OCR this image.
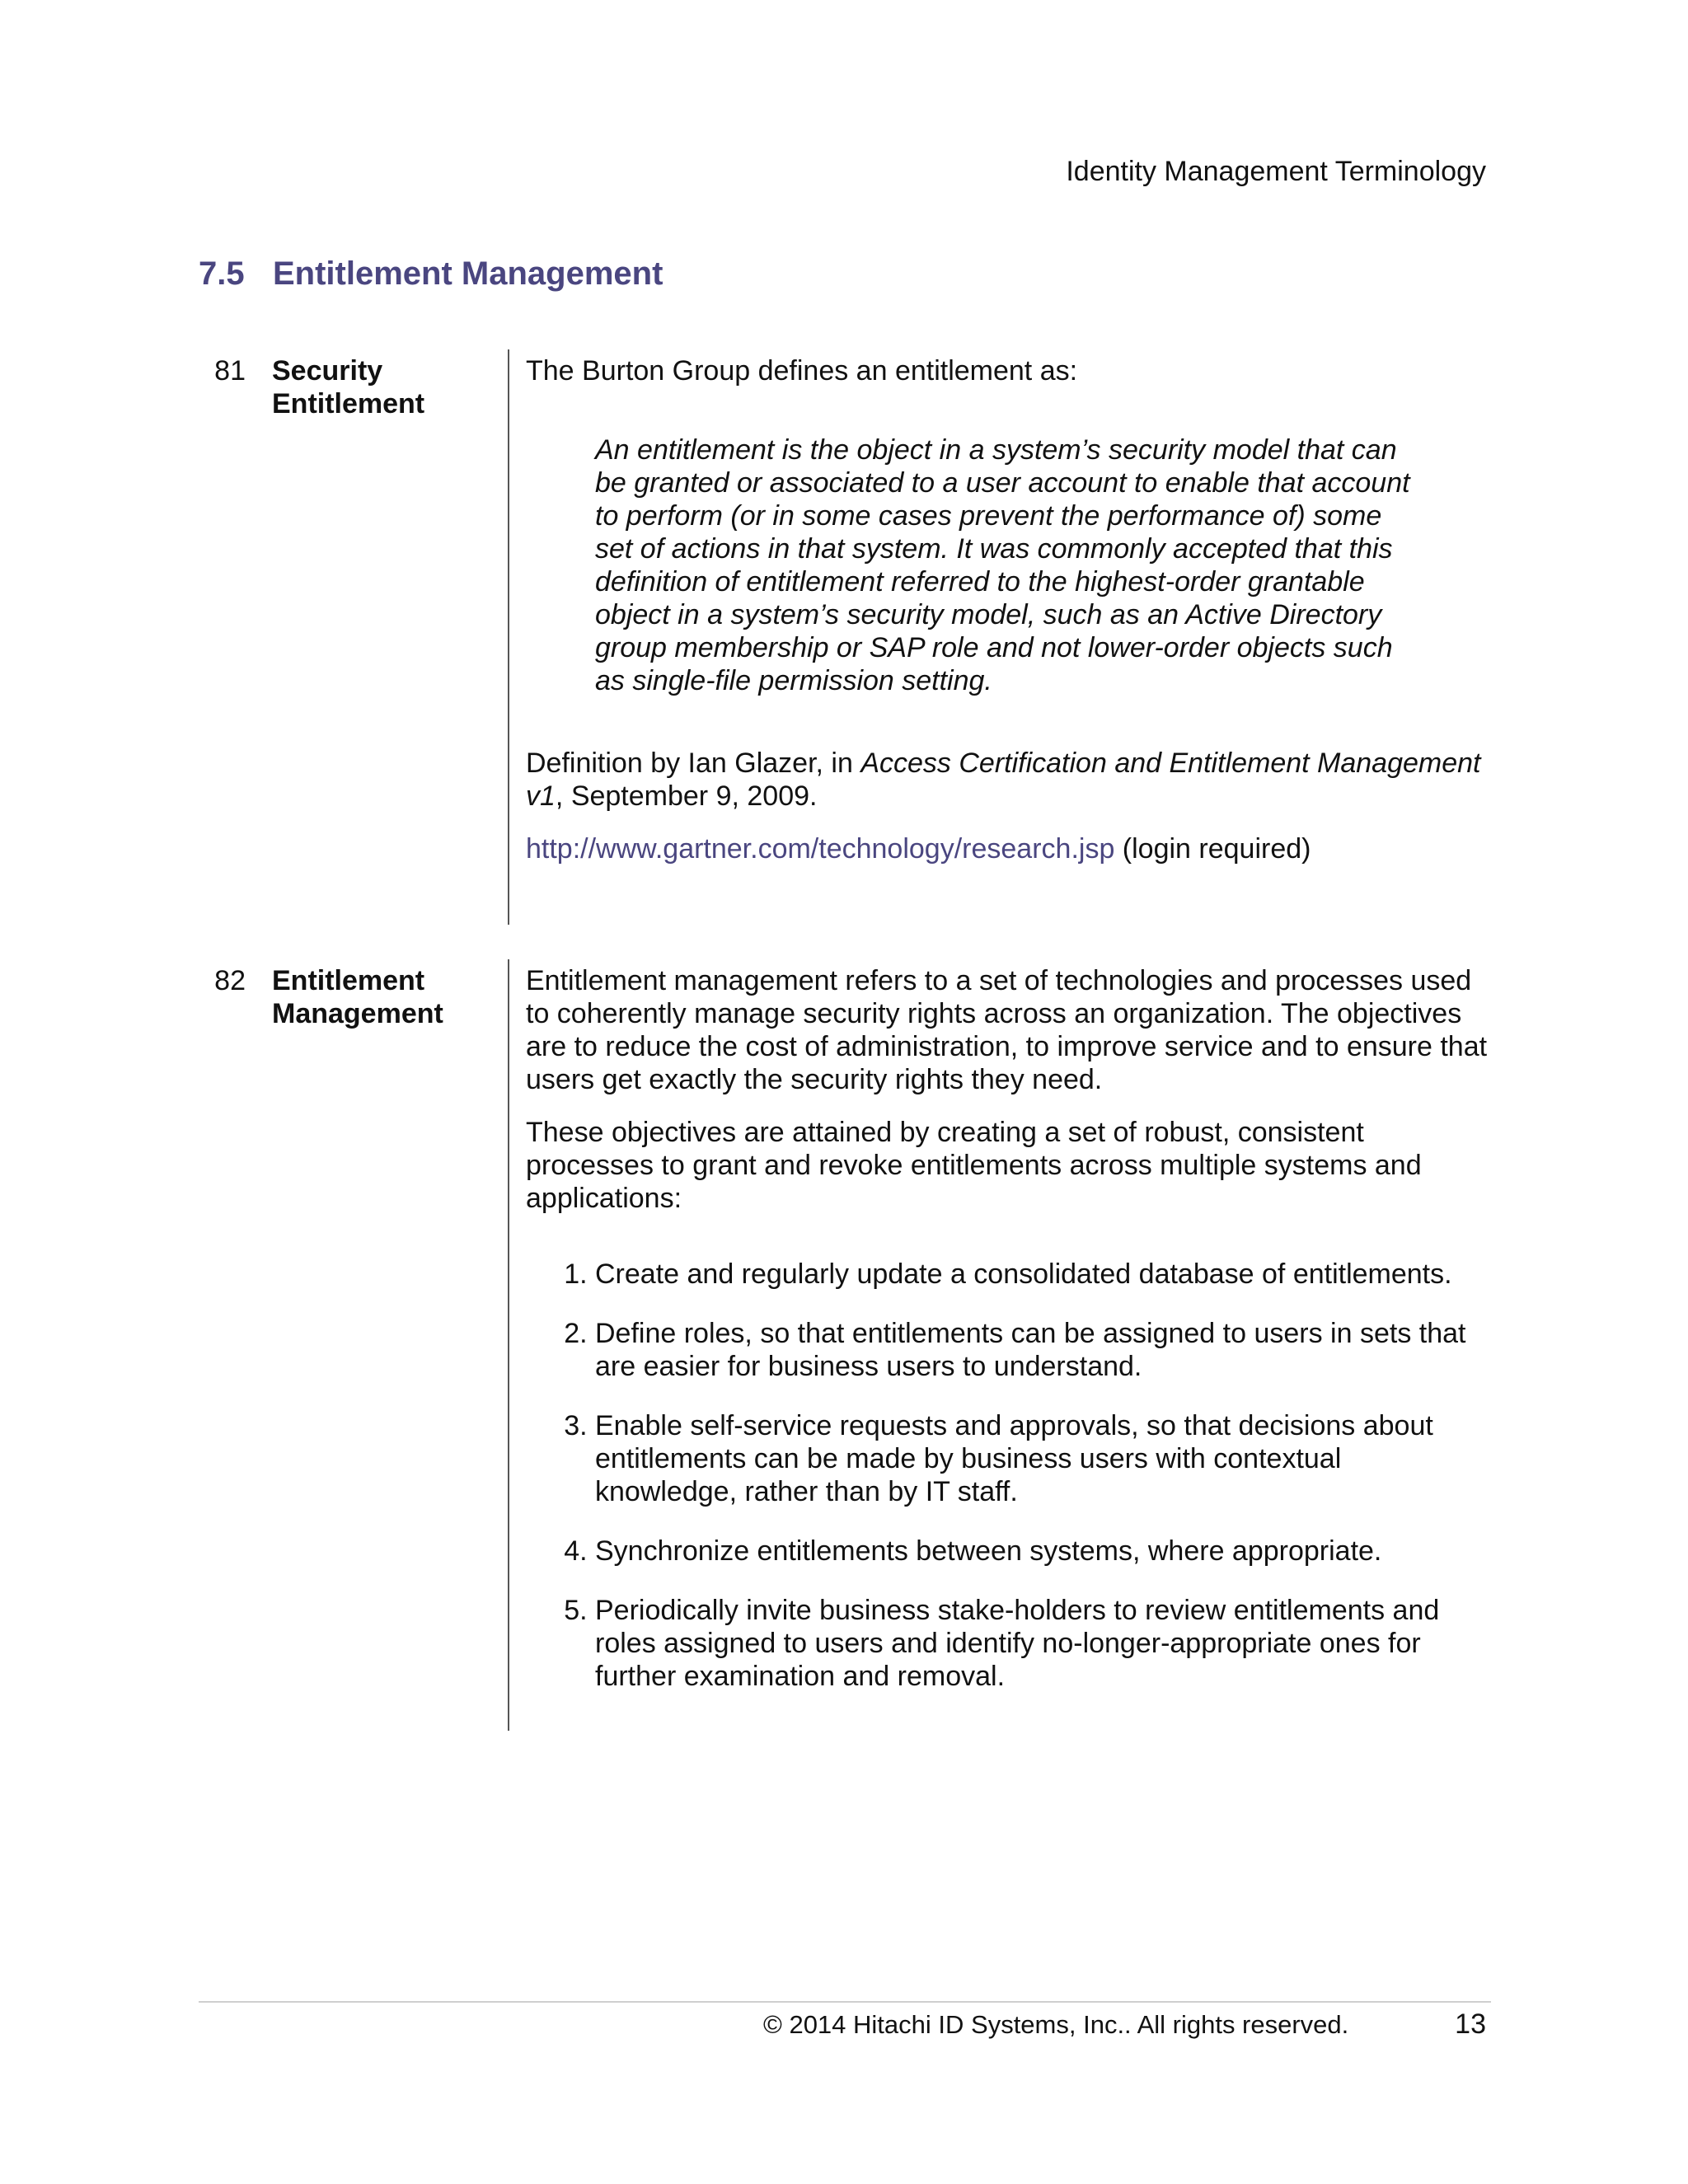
Identity Management Terminology
7.5 Entitlement Management
81 Security
Entitlement

The Burton Group defines an entitlement as:

An entitlement is the object in a system’s security model that can be granted or associated to a user account to enable that account to perform (or in some cases prevent the performance of) some set of actions in that system. It was commonly accepted that this definition of entitlement referred to the highest-order grantable object in a system’s security model, such as an Active Directory group membership or SAP role and not lower-order objects such as single-file permission setting.

Definition by Ian Glazer, in Access Certification and Entitlement Management v1, September 9, 2009.

http://www.gartner.com/technology/research.jsp (login required)

82 Entitlement
Management

Entitlement management refers to a set of technologies and processes used to coherently manage security rights across an organization. The objectives are to reduce the cost of administration, to improve service and to ensure that users get exactly the security rights they need.

These objectives are attained by creating a set of robust, consistent processes to grant and revoke entitlements across multiple systems and applications:

1. Create and regularly update a consolidated database of entitlements.
2. Define roles, so that entitlements can be assigned to users in sets that are easier for business users to understand.
3. Enable self-service requests and approvals, so that decisions about entitlements can be made by business users with contextual knowledge, rather than by IT staff.
4. Synchronize entitlements between systems, where appropriate.
5. Periodically invite business stake-holders to review entitlements and roles assigned to users and identify no-longer-appropriate ones for further examination and removal.
© 2014 Hitachi ID Systems, Inc.. All rights reserved.	13
